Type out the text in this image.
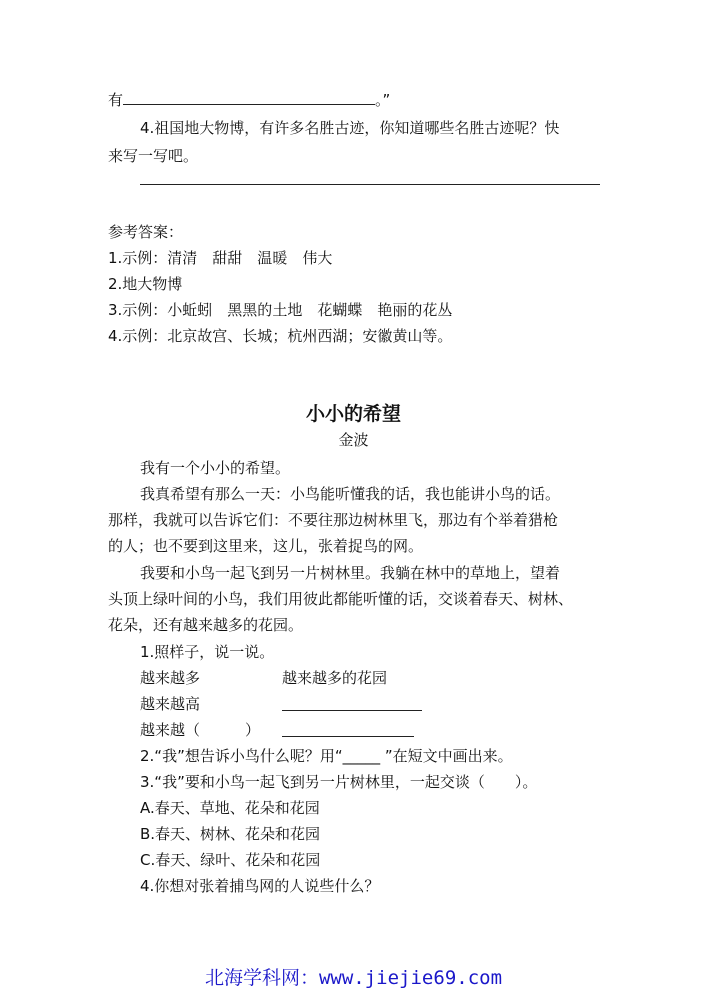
有	。”
4.祖国地大物博，有许多名胜古迹，你知道哪些名胜古迹呢？快
来写一写吧。
参考答案：
1.示例：清清　甜甜　温暖　伟大
2.地大物博
3.示例：小蚯蚓　黑黑的土地　花蝴蝶　艳丽的花丛
4.示例：北京故宫、长城；杭州西湖；安徽黄山等。
小小的希望
金波
我有一个小小的希望。
我真希望有那么一天：小鸟能听懂我的话，我也能讲小鸟的话。
那样，我就可以告诉它们：不要往那边树林里飞，那边有个举着猎枪
的人；也不要到这里来，这儿，张着捉鸟的网。
我要和小鸟一起飞到另一片树林里。我躺在林中的草地上，望着
头顶上绿叶间的小鸟，我们用彼此都能听懂的话，交谈着春天、树林、
花朵，还有越来越多的花园。
1.照样子，说一说。
越来越多	越来越多的花园
越来越高
越来越（　　　）
2.“我”想告诉小鸟什么呢？用“_____ ”在短文中画出来。
3.“我”要和小鸟一起飞到另一片树林里，一起交谈（　　）。
A.春天、草地、花朵和花园
B.春天、树林、花朵和花园
C.春天、绿叶、花朵和花园
4.你想对张着捕鸟网的人说些什么？
北海学科网：www.jiejie69.com
